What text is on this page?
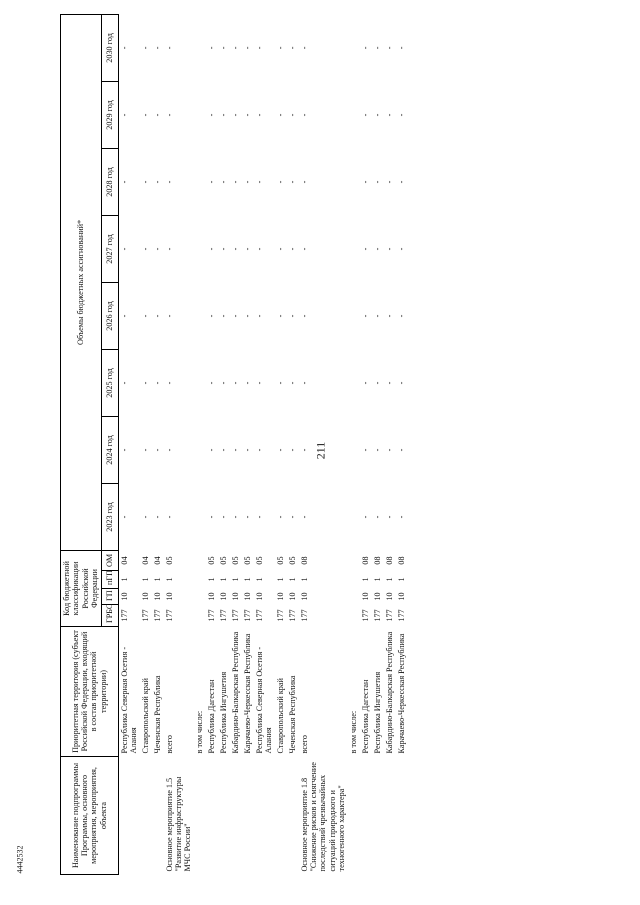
211
4442532	Наименование подпрограммы Программы, основного мероприятия, мероприятия, объекта	Приоритетная территория (субъект Российской Федерации, входящий в состав приоритетной территории)	Код бюджетной классификации Российской Федерации				Объемы бюджетных ассигнований*							
		ГРБС	ГП	пГП	ОМ								
						2023 год	2024 год	2025 год	2026 год	2027 год	2028 год	2029 год	2030 год
	Республика Северная Осетия - Алания	177	10	1	04	-	-	-	-	-	-	-	-
	Ставропольский край	177	10	1	04	-	-	-	-	-	-	-	-
	Чеченская Республика	177	10	1	04	-	-	-	-	-	-	-	-
Основное мероприятие 1.5 "Развитие инфраструктуры МЧС России"	всего	177	10	1	05	-	-	-	-	-	-	-	-
	в том числе:												
	Республика Дагестан	177	10	1	05	-	-	-	-	-	-	-	-
	Республика Ингушетия	177	10	1	05	-	-	-	-	-	-	-	-
	Кабардино-Балкарская Республика	177	10	1	05	-	-	-	-	-	-	-	-
	Карачаево-Черкесская Республика	177	10	1	05	-	-	-	-	-	-	-	-
	Республика Северная Осетия - Алания	177	10	1	05	-	-	-	-	-	-	-	-
	Ставропольский край	177	10	1	05	-	-	-	-	-	-	-	-
	Чеченская Республика	177	10	1	05	-	-	-	-	-	-	-	-
Основное мероприятие 1.8 "Снижение рисков и смягчение последствий чрезвычайных ситуаций природного и техногенного характера"	всего	177	10	1	08	-	-	-	-	-	-	-	-
	в том числе:												
	Республика Дагестан	177	10	1	08	-	-	-	-	-	-	-	-
	Республика Ингушетия	177	10	1	08	-	-	-	-	-	-	-	-
	Кабардино-Балкарская Республика	177	10	1	08	-	-	-	-	-	-	-	-
	Карачаево-Черкесская Республика	177	10	1	08	-	-	-	-	-	-	-	-
